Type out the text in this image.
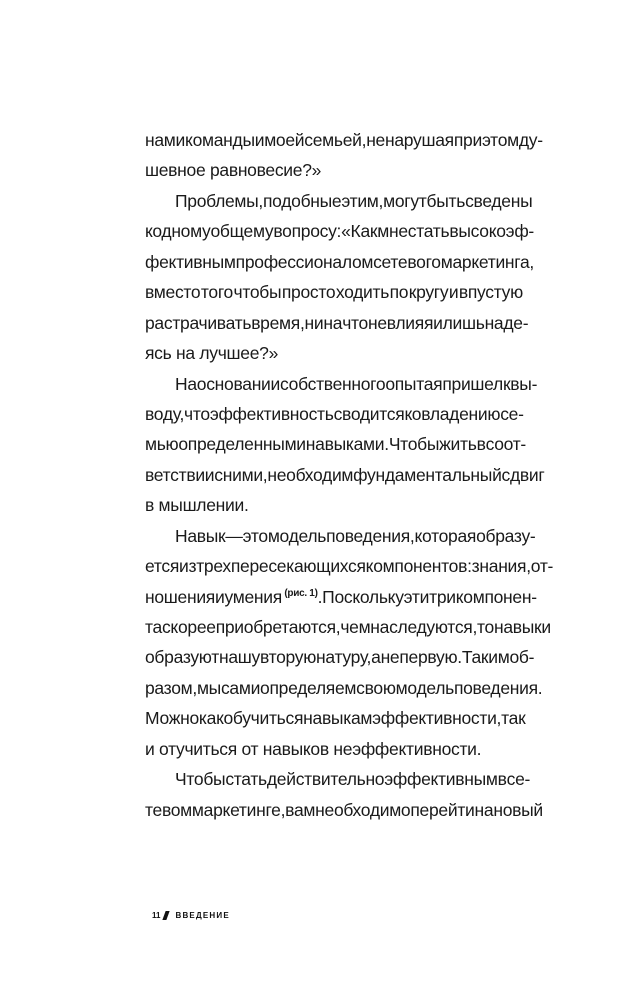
нами команды и моей семьей, не нарушая при этом ду-
шевное равновесие?»
Проблемы, подобные этим, могут быть сведены
к одному общему вопросу: «Как мне стать высокоэф-
фективным профессионалом сетевого маркетинга,
вместо того чтобы просто ходить по кругу и впустую
растрачивать время, ни на что не влияя и лишь наде-
ясь на лучшее?»
На основании собственного опыта я пришел к вы-
воду, что эффективность сводится к овладению се-
мью определенными навыками. Чтобы жить в соот-
ветствии с ними, необходим фундаментальный сдвиг
в мышлении.
Навык — это модель поведения, которая образу-
ется из трех пересекающихся компонентов: знания, от-
ношения и умения $^{(рис. 1)}$. Поскольку эти три компонен-
та скорее приобретаются, чем наследуются, то навыки
образуют нашу вторую натуру, а не первую. Таким об-
разом, мы сами определяем свою модель поведения.
Можно как обучиться навыкам эффективности, так
и отучиться от навыков неэффективности.
Чтобы стать действительно эффективным в се-
тевом маркетинге, вам необходимо перейти на новый
11 ВВЕДЕНИЕ
